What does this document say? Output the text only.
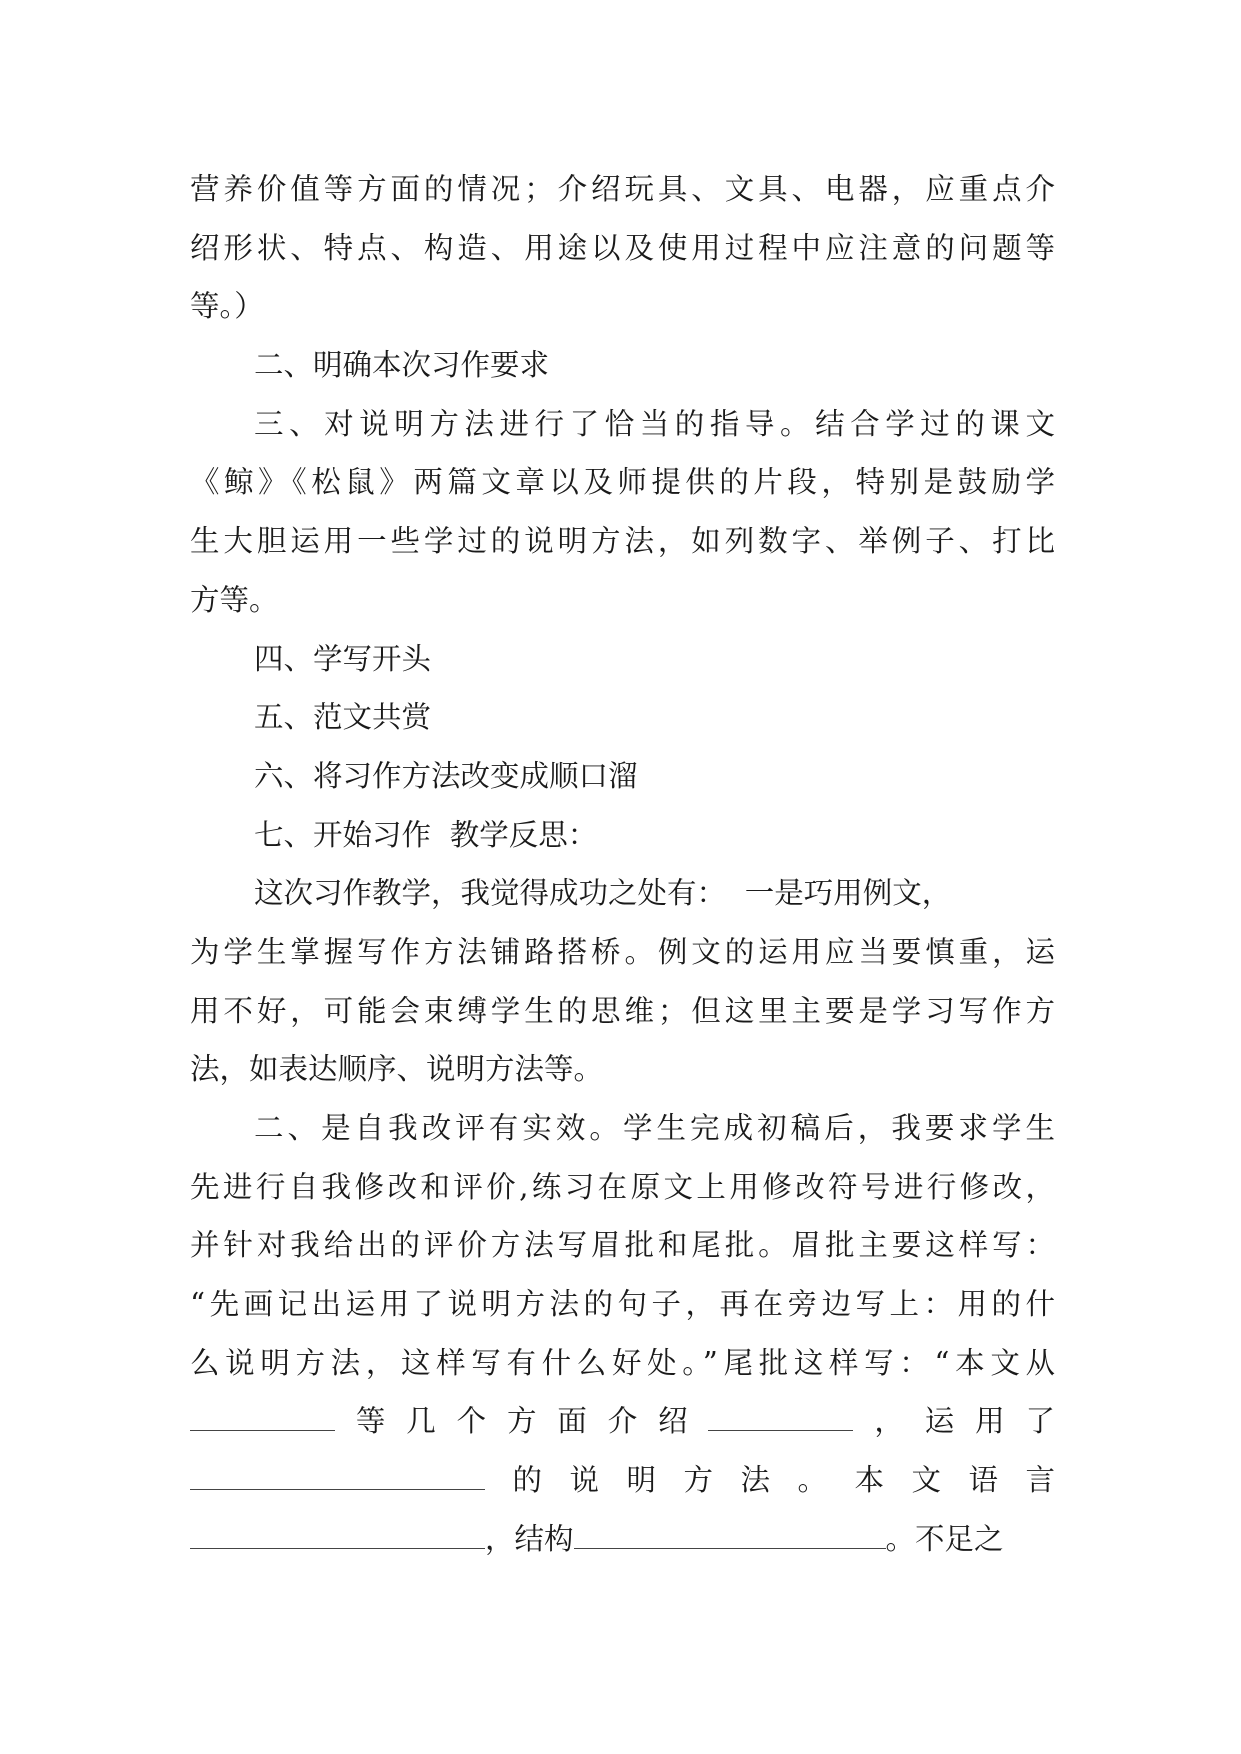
营养价值等方面的情况；介绍玩具、文具、电器，应重点介
绍形状、特点、构造、用途以及使用过程中应注意的问题等
等。）
二、明确本次习作要求
三、对说明方法进行了恰当的指导。结合学过的课文
《鲸》《松鼠》两篇文章以及师提供的片段，特别是鼓励学
生大胆运用一些学过的说明方法，如列数字、举例子、打比
方等。
四、学写开头
五、范文共赏
六、将习作方法改变成顺口溜
七、开始习作  教学反思：
这次习作教学，我觉得成功之处有：  一是巧用例文，
为学生掌握写作方法铺路搭桥。例文的运用应当要慎重，运
用不好，可能会束缚学生的思维；但这里主要是学习写作方
法，如表达顺序、说明方法等。
二、是自我改评有实效。学生完成初稿后，我要求学生
先进行自我修改和评价,练习在原文上用修改符号进行修改，
并针对我给出的评价方法写眉批和尾批。眉批主要这样写：
“先画记出运用了说明方法的句子，再在旁边写上：用的什
么说明方法，这样写有什么好处。”尾批这样写：“本文从
等 几 个 方 面 介 绍	， 运 用 了
的 说 明 方 法 。 本 文 语 言
，结构	。不足之
